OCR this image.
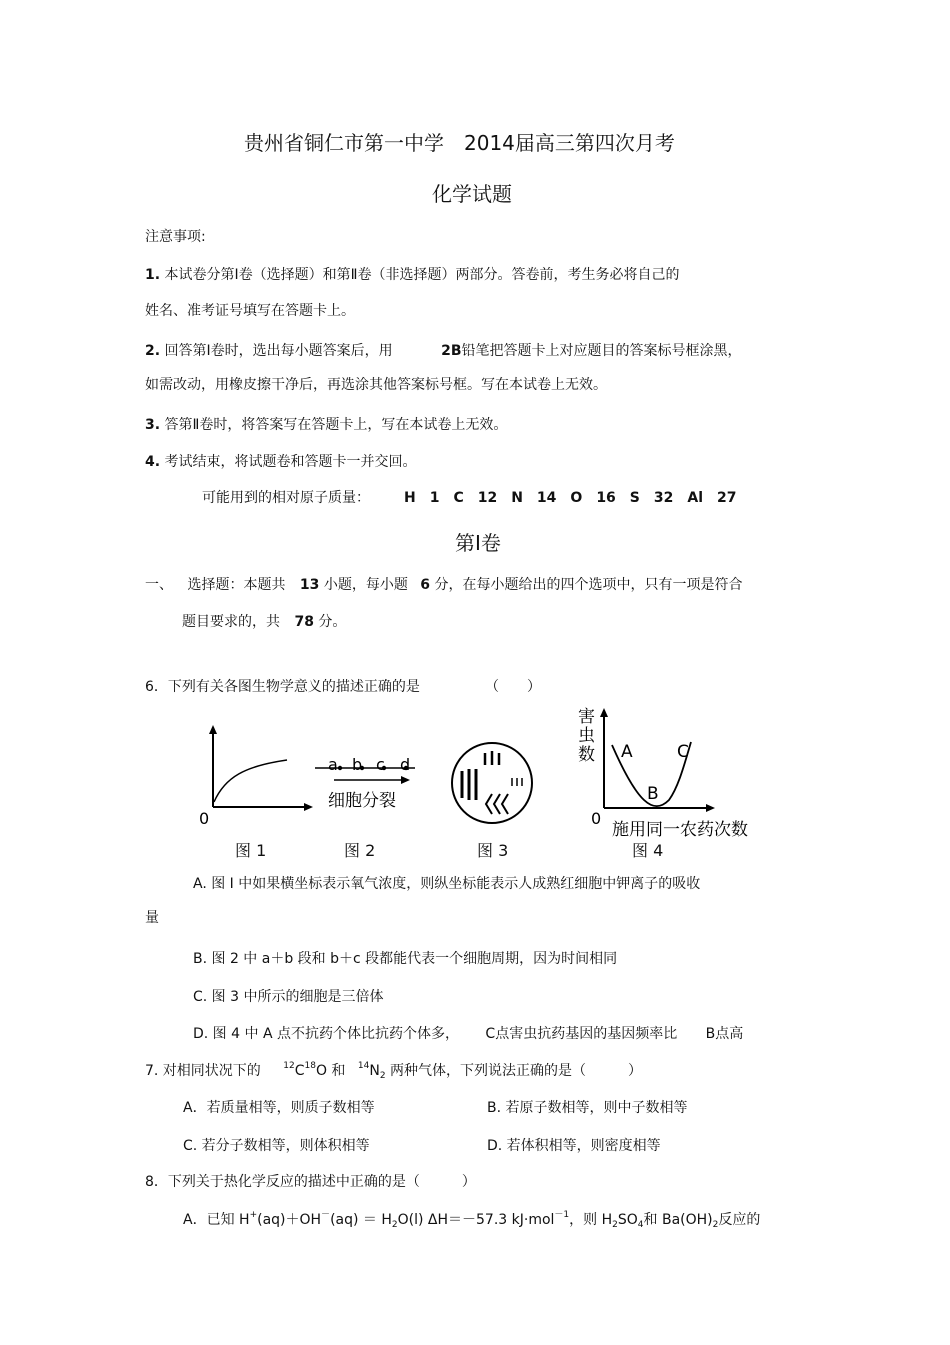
贵州省铜仁市第一中学　2014届高三第四次月考
化学试题
注意事项:
1. 本试卷分第Ⅰ卷（选择题）和第Ⅱ卷（非选择题）两部分。答卷前，考生务必将自己的
姓名、准考证号填写在答题卡上。
2. 回答第Ⅰ卷时，选出每小题答案后，用	2B铅笔把答题卡上对应题目的答案标号框涂黑，
如需改动，用橡皮擦干净后，再选涂其他答案标号框。写在本试卷上无效。
3. 答第Ⅱ卷时，将答案写在答题卡上，写在本试卷上无效。
4. 考试结束，将试题卷和答题卡一并交回。
可能用到的相对原子质量： H　1　C　12　N　14　O　16　S　32　Al　27
第Ⅰ卷
一、 选择题：本题共 13 小题，每小题 6 分，在每小题给出的四个选项中，只有一项是符合
题目要求的，共 78 分。
6．下列有关各图生物学意义的描述正确的是	（　　）
0
图 1
a b c d
细胞分裂
图 2	图 3
害
虫
数 A
B
C
0
施用同一农药次数
图 4
A. 图 Ⅰ 中如果横坐标表示氧气浓度，则纵坐标能表示人成熟红细胞中钾离子的吸收
量
B. 图 2 中 a＋b 段和 b＋c 段都能代表一个细胞周期，因为时间相同
C. 图 3 中所示的细胞是三倍体
D. 图 4 中 A 点不抗药个体比抗药个体多， C点害虫抗药基因的基因频率比 B点高
7. 对相同状况下的 $^{12}C^{18}O$ 和 $^{14}N_2$ 两种气体，下列说法正确的是（　　　）
A．若质量相等，则质子数相等	B. 若原子数相等，则中子数相等
C. 若分子数相等，则体积相等	D. 若体积相等，则密度相等
8．下列关于热化学反应的描述中正确的是（　　　）
A．已知 $H^+(aq)+OH^-(aq) = H_2O(l)$ ΔH＝－57.3 kJ·mol$^{-1}$，则 $H_2SO_4$和 $Ba(OH)_2$反应的
